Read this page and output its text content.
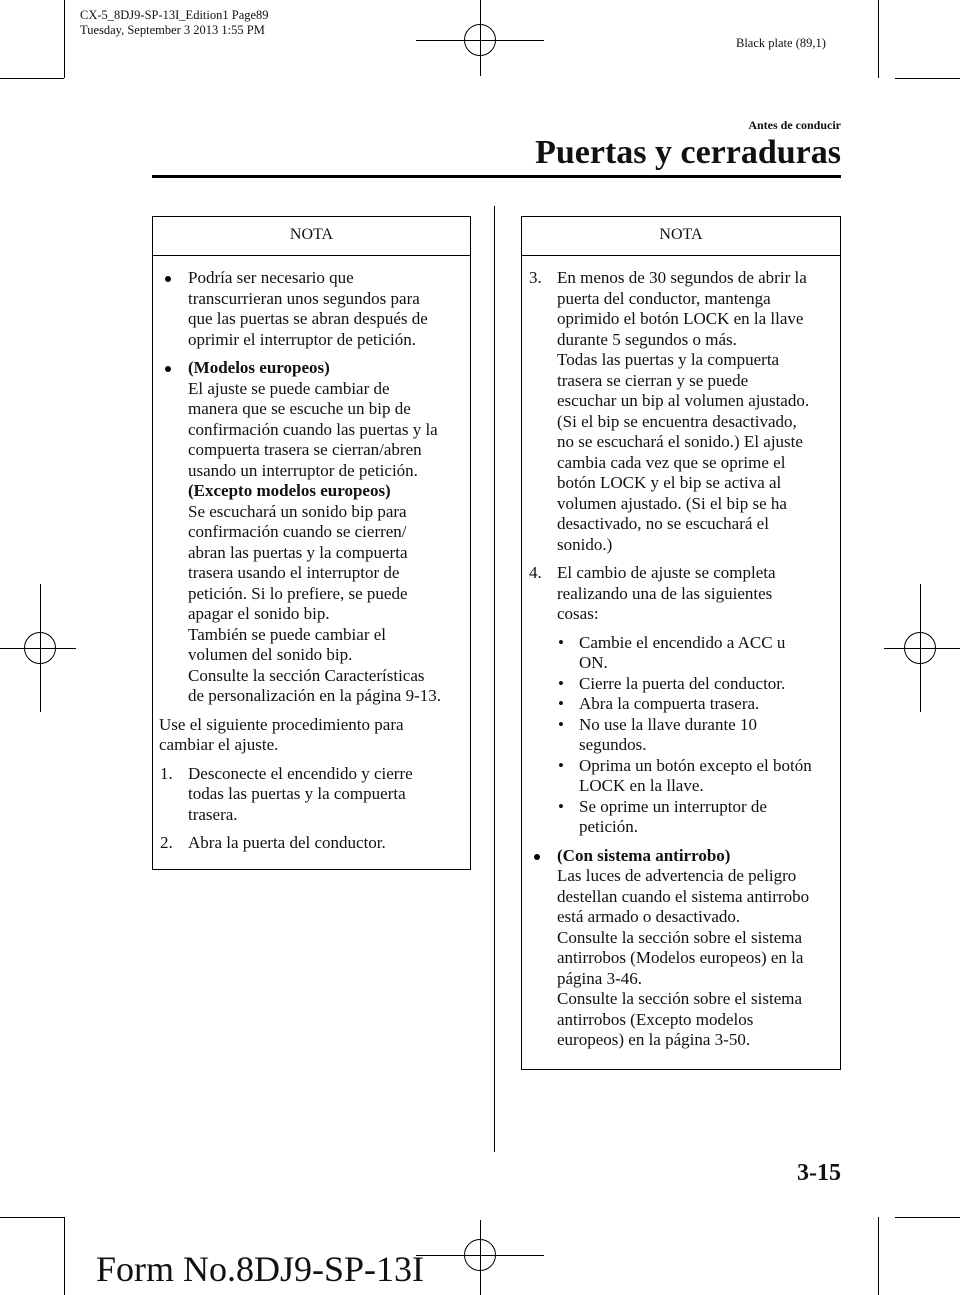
CX-5_8DJ9-SP-13I_Edition1 Page89
Tuesday, September 3 2013 1:55 PM
Black plate (89,1)
Antes de conducir
Puertas y cerraduras
NOTA
Podría ser necesario que
transcurrieran unos segundos para
que las puertas se abran después de
oprimir el interruptor de petición.
(Modelos europeos)
El ajuste se puede cambiar de
manera que se escuche un bip de
confirmación cuando las puertas y la
compuerta trasera se cierran/abren
usando un interruptor de petición.
(Excepto modelos europeos)
Se escuchará un sonido bip para
confirmación cuando se cierren/
abran las puertas y la compuerta
trasera usando el interruptor de
petición. Si lo prefiere, se puede
apagar el sonido bip.
También se puede cambiar el
volumen del sonido bip.
Consulte la sección Características
de personalización en la página 9-13.
Use el siguiente procedimiento para
cambiar el ajuste.
1. Desconecte el encendido y cierre
todas las puertas y la compuerta
trasera.
2. Abra la puerta del conductor.
NOTA
3. En menos de 30 segundos de abrir la
puerta del conductor, mantenga
oprimido el botón LOCK en la llave
durante 5 segundos o más.
Todas las puertas y la compuerta
trasera se cierran y se puede
escuchar un bip al volumen ajustado.
(Si el bip se encuentra desactivado,
no se escuchará el sonido.) El ajuste
cambia cada vez que se oprime el
botón LOCK y el bip se activa al
volumen ajustado. (Si el bip se ha
desactivado, no se escuchará el
sonido.)
4. El cambio de ajuste se completa
realizando una de las siguientes
cosas:
• Cambie el encendido a ACC u
ON.
• Cierre la puerta del conductor.
• Abra la compuerta trasera.
• No use la llave durante 10
segundos.
• Oprima un botón excepto el botón
LOCK en la llave.
• Se oprime un interruptor de
petición.
(Con sistema antirrobo)
Las luces de advertencia de peligro
destellan cuando el sistema antirrobo
está armado o desactivado.
Consulte la sección sobre el sistema
antirrobos (Modelos europeos) en la
página 3-46.
Consulte la sección sobre el sistema
antirrobos (Excepto modelos
europeos) en la página 3-50.
3-15
Form No.8DJ9-SP-13I
